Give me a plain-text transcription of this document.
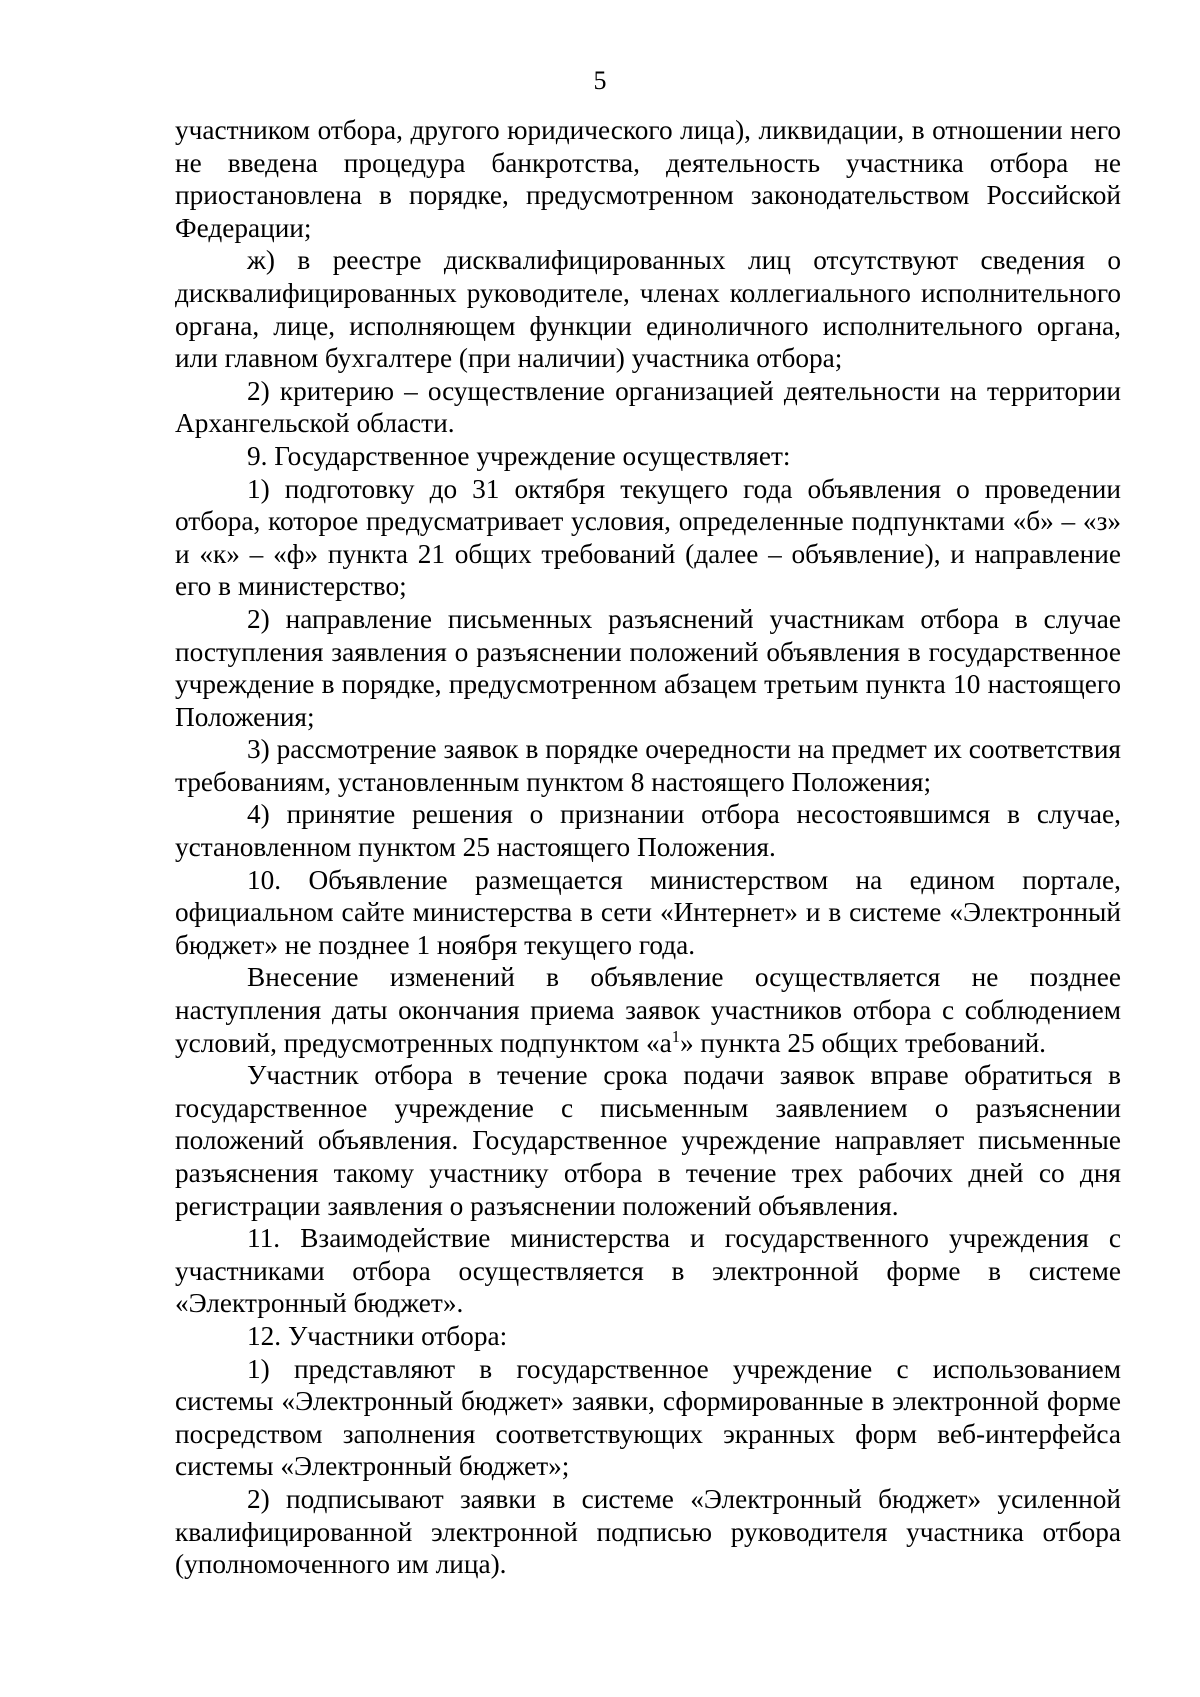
5

участником отбора, другого юридического лица), ликвидации, в отношении него не введена процедура банкротства, деятельность участника отбора не приостановлена в порядке, предусмотренном законодательством Российской Федерации;

ж) в реестре дисквалифицированных лиц отсутствуют сведения о дисквалифицированных руководителе, членах коллегиального исполнительного органа, лице, исполняющем функции единоличного исполнительного органа, или главном бухгалтере (при наличии) участника отбора;

2) критерию – осуществление организацией деятельности на территории Архангельской области.

9. Государственное учреждение осуществляет:

1) подготовку до 31 октября текущего года объявления о проведении отбора, которое предусматривает условия, определенные подпунктами «б» – «з» и «к» – «ф» пункта 21 общих требований (далее – объявление), и направление его в министерство;

2) направление письменных разъяснений участникам отбора в случае поступления заявления о разъяснении положений объявления в государственное учреждение в порядке, предусмотренном абзацем третьим пункта 10 настоящего Положения;

3) рассмотрение заявок в порядке очередности на предмет их соответствия требованиям, установленным пунктом 8 настоящего Положения;

4) принятие решения о признании отбора несостоявшимся в случае, установленном пунктом 25 настоящего Положения.

10. Объявление размещается министерством на едином портале, официальном сайте министерства в сети «Интернет» и в системе «Электронный бюджет» не позднее 1 ноября текущего года.

Внесение изменений в объявление осуществляется не позднее наступления даты окончания приема заявок участников отбора с соблюдением условий, предусмотренных подпунктом «$а^1$» пункта 25 общих требований.

Участник отбора в течение срока подачи заявок вправе обратиться в государственное учреждение с письменным заявлением о разъяснении положений объявления. Государственное учреждение направляет письменные разъяснения такому участнику отбора в течение трех рабочих дней со дня регистрации заявления о разъяснении положений объявления.

11. Взаимодействие министерства и государственного учреждения с участниками отбора осуществляется в электронной форме в системе «Электронный бюджет».

12. Участники отбора:

1) представляют в государственное учреждение с использованием системы «Электронный бюджет» заявки, сформированные в электронной форме посредством заполнения соответствующих экранных форм веб-интерфейса системы «Электронный бюджет»;

2) подписывают заявки в системе «Электронный бюджет» усиленной квалифицированной электронной подписью руководителя участника отбора (уполномоченного им лица).
